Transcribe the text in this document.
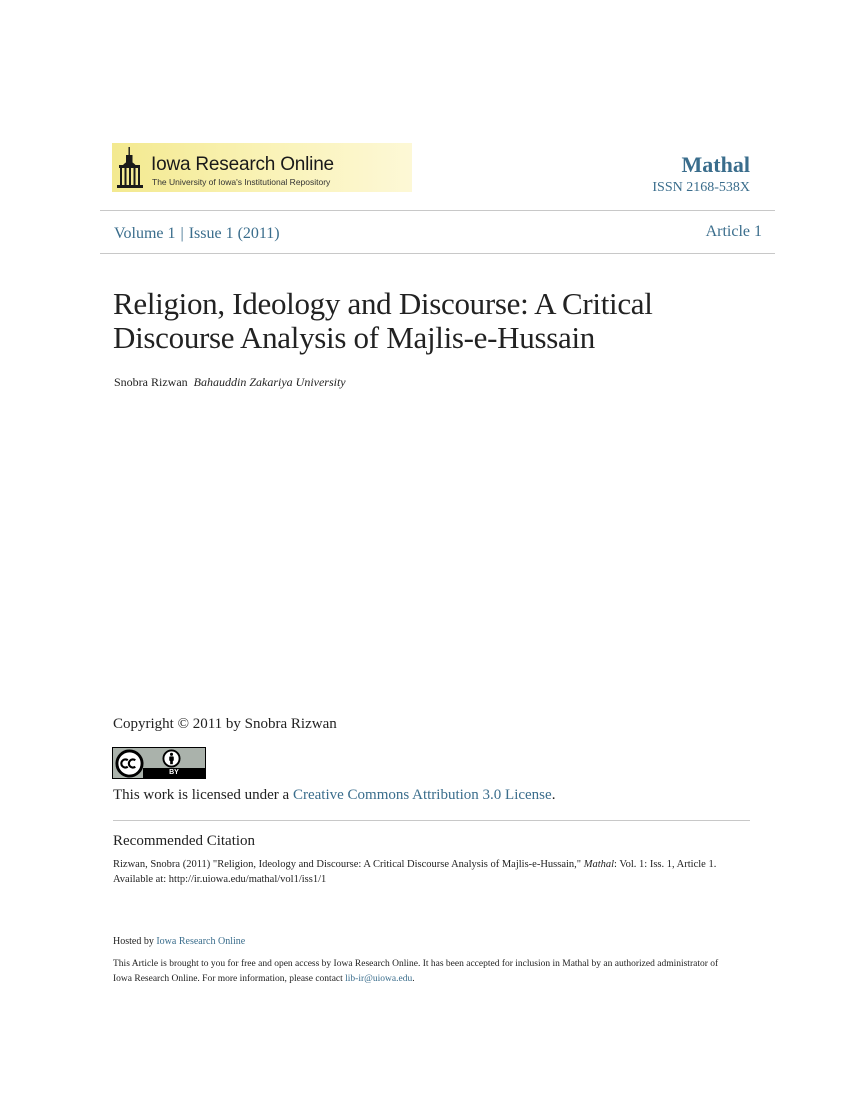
Iowa Research Online
The University of Iowa's Institutional Repository
Mathal
ISSN 2168-538X
Volume 1 | Issue 1 (2011)	Article 1
Religion, Ideology and Discourse: A Critical Discourse Analysis of Majlis-e-Hussain
Snobra Rizwan Bahauddin Zakariya University
Copyright © 2011 by Snobra Rizwan
BY
This work is licensed under a Creative Commons Attribution 3.0 License.
Recommended Citation
Rizwan, Snobra (2011) "Religion, Ideology and Discourse: A Critical Discourse Analysis of Majlis-e-Hussain," Mathal: Vol. 1: Iss. 1, Article 1.
Available at: http://ir.uiowa.edu/mathal/vol1/iss1/1
Hosted by Iowa Research Online
This Article is brought to you for free and open access by Iowa Research Online. It has been accepted for inclusion in Mathal by an authorized administrator of Iowa Research Online. For more information, please contact lib-ir@uiowa.edu.
